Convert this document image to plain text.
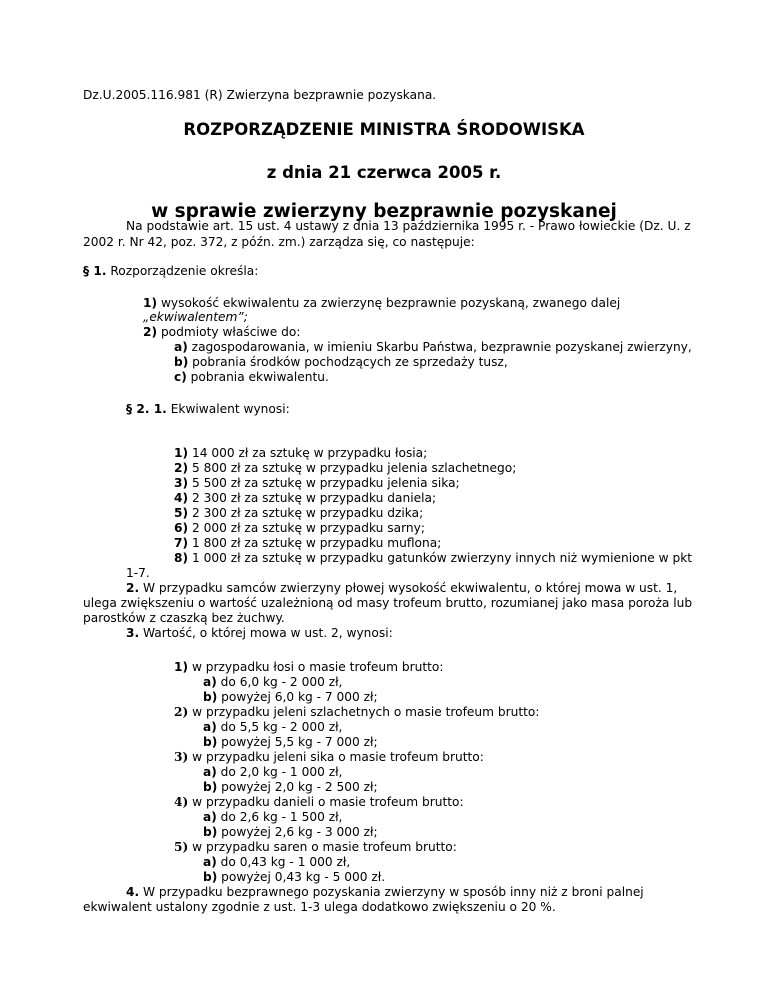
Dz.U.2005.116.981 (R) Zwierzyna bezprawnie pozyskana.
ROZPORZĄDZENIE MINISTRA ŚRODOWISKA
z dnia 21 czerwca 2005 r.
w sprawie zwierzyny bezprawnie pozyskanej
Na podstawie art. 15 ust. 4 ustawy z dnia 13 października 1995 r. - Prawo łowieckie (Dz. U. z
2002 r. Nr 42, poz. 372, z późn. zm.) zarządza się, co następuje:
§ 1. Rozporządzenie określa:
1) wysokość ekwiwalentu za zwierzynę bezprawnie pozyskaną, zwanego dalej
„ekwiwalentem”;
2) podmioty właściwe do:
a) zagospodarowania, w imieniu Skarbu Państwa, bezprawnie pozyskanej zwierzyny,
b) pobrania środków pochodzących ze sprzedaży tusz,
c) pobrania ekwiwalentu.
§ 2. 1. Ekwiwalent wynosi:
1) 14 000 zł za sztukę w przypadku łosia;
2) 5 800 zł za sztukę w przypadku jelenia szlachetnego;
3) 5 500 zł za sztukę w przypadku jelenia sika;
4) 2 300 zł za sztukę w przypadku daniela;
5) 2 300 zł za sztukę w przypadku dzika;
6) 2 000 zł za sztukę w przypadku sarny;
7) 1 800 zł za sztukę w przypadku muflona;
8) 1 000 zł za sztukę w przypadku gatunków zwierzyny innych niż wymienione w pkt
1-7.
2. W przypadku samców zwierzyny płowej wysokość ekwiwalentu, o której mowa w ust. 1,
ulega zwiększeniu o wartość uzależnioną od masy trofeum brutto, rozumianej jako masa poroża lub
parostków z czaszką bez żuchwy.
3. Wartość, o której mowa w ust. 2, wynosi:
1) w przypadku łosi o masie trofeum brutto:
a) do 6,0 kg - 2 000 zł,
b) powyżej 6,0 kg - 7 000 zł;
2) w przypadku jeleni szlachetnych o masie trofeum brutto:
a) do 5,5 kg - 2 000 zł,
b) powyżej 5,5 kg - 7 000 zł;
3) w przypadku jeleni sika o masie trofeum brutto:
a) do 2,0 kg - 1 000 zł,
b) powyżej 2,0 kg - 2 500 zł;
4) w przypadku danieli o masie trofeum brutto:
a) do 2,6 kg - 1 500 zł,
b) powyżej 2,6 kg - 3 000 zł;
5) w przypadku saren o masie trofeum brutto:
a) do 0,43 kg - 1 000 zł,
b) powyżej 0,43 kg - 5 000 zł.
4. W przypadku bezprawnego pozyskania zwierzyny w sposób inny niż z broni palnej
ekwiwalent ustalony zgodnie z ust. 1-3 ulega dodatkowo zwiększeniu o 20 %.
